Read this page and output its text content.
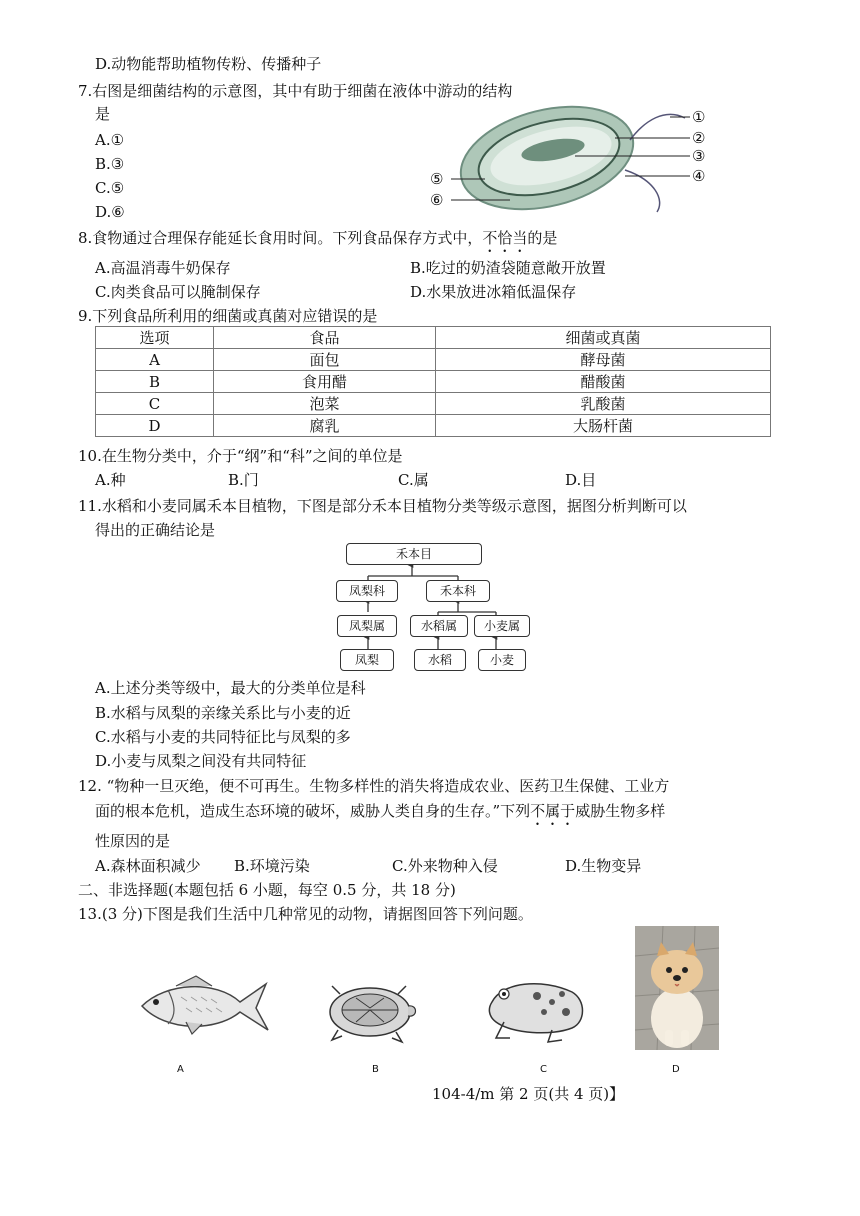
D.动物能帮助植物传粉、传播种子
7.右图是细菌结构的示意图，其中有助于细菌在液体中游动的结构
是
A.①
B.③
C.⑤
D.⑥
①
②
③
④
⑤
⑥
8.食物通过合理保存能延长食用时间。下列食品保存方式中，不恰当的是
A.高温消毒牛奶保存	B.吃过的奶渣袋随意敞开放置
C.肉类食品可以腌制保存	D.水果放进冰箱低温保存
9.下列食品所利用的细菌或真菌对应错误的是
选项	食品	细菌或真菌
A	面包	酵母菌
B	食用醋	醋酸菌
C	泡菜	乳酸菌
D	腐乳	大肠杆菌
10.在生物分类中，介于“纲”和“科”之间的单位是
A.种	B.门	C.属	D.目
11.水稻和小麦同属禾本目植物，下图是部分禾本目植物分类等级示意图，据图分析判断可以
得出的正确结论是
禾本目
凤梨科	禾本科
凤梨属	水稻属	小麦属
凤梨	水稻	小麦
A.上述分类等级中，最大的分类单位是科
B.水稻与凤梨的亲缘关系比与小麦的近
C.水稻与小麦的共同特征比与凤梨的多
D.小麦与凤梨之间没有共同特征
12. “物种一旦灭绝，便不可再生。生物多样性的消失将造成农业、医药卫生保健、工业方
面的根本危机，造成生态环境的破坏，威胁人类自身的生存。”下列不属于威胁生物多样
性原因的是
A.森林面积减少 B.环境污染	C.外来物种入侵	D.生物变异
二、非选择题(本题包括 6 小题，每空 0.5 分，共 18 分)
13.(3 分)下图是我们生活中几种常见的动物，请据图回答下列问题。
A	B	C	D
104-4/m 第 2 页(共 4 页)】
